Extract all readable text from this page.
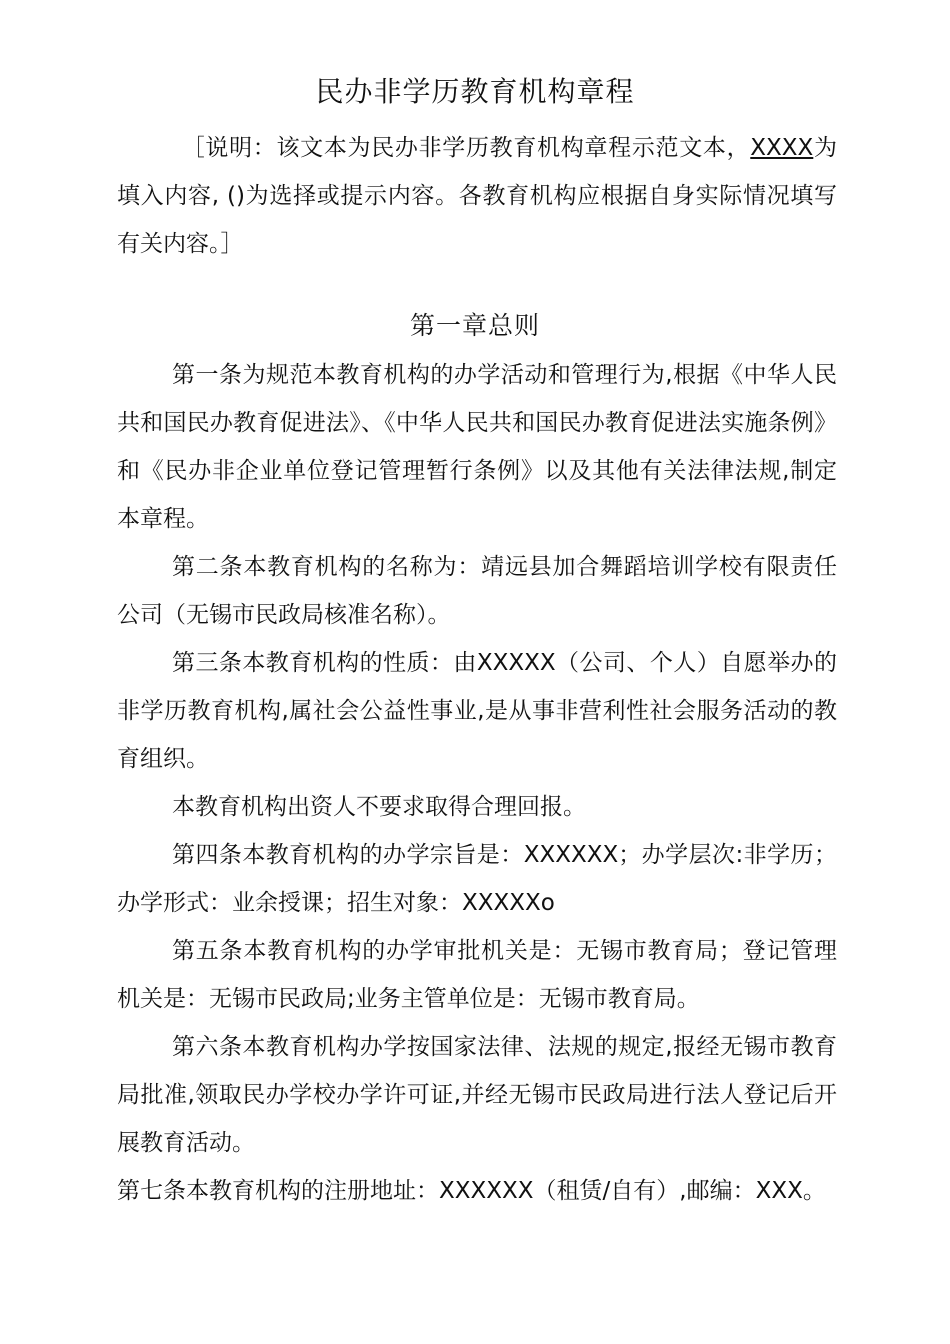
民办非学历教育机构章程
［说明：该文本为民办非学历教育机构章程示范文本，XXXX为填入内容, ()为选择或提示内容。各教育机构应根据自身实际情况填写有关内容。］
第一章总则

第一条为规范本教育机构的办学活动和管理行为,根据《中华人民共和国民办教育促进法》、《中华人民共和国民办教育促进法实施条例》和《民办非企业单位登记管理暂行条例》以及其他有关法律法规,制定本章程。

第二条本教育机构的名称为：靖远县加合舞蹈培训学校有限责任公司（无锡市民政局核准名称）。

第三条本教育机构的性质：由XXXXX（公司、个人）自愿举办的非学历教育机构,属社会公益性事业,是从事非营利性社会服务活动的教育组织。

本教育机构出资人不要求取得合理回报。

第四条本教育机构的办学宗旨是：XXXXXX；办学层次:非学历；办学形式：业余授课；招生对象：XXXXXo

第五条本教育机构的办学审批机关是：无锡市教育局；登记管理机关是：无锡市民政局;业务主管单位是：无锡市教育局。

第六条本教育机构办学按国家法律、法规的规定,报经无锡市教育局批准,领取民办学校办学许可证,并经无锡市民政局进行法人登记后开展教育活动。

第七条本教育机构的注册地址：XXXXXX（租赁/自有）,邮编：XXX。
